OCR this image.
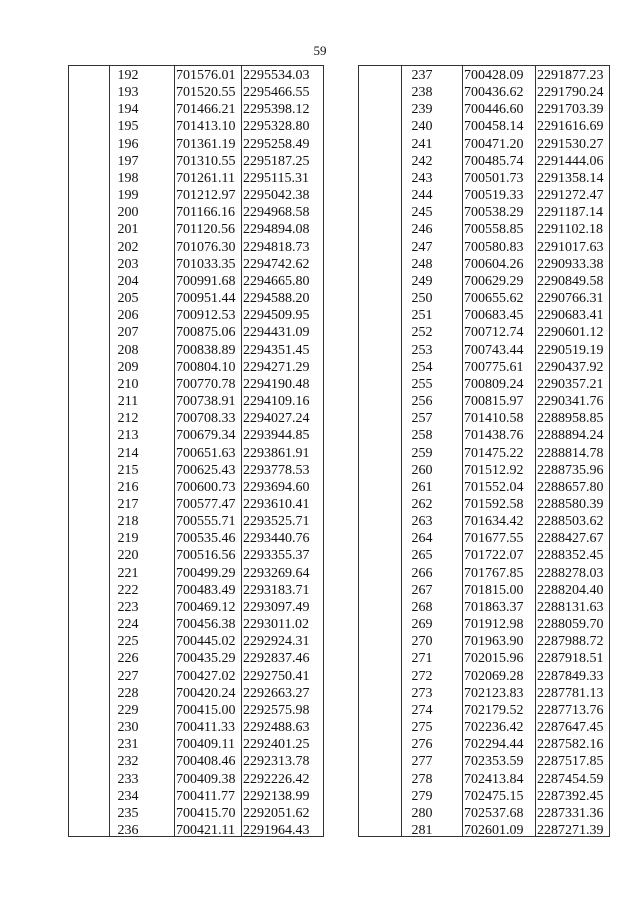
59
192	701576.01 2295534.03
193	701520.55 2295466.55
194	701466.21 2295398.12
195	701413.10 2295328.80
196	701361.19 2295258.49
197	701310.55 2295187.25
198	701261.11 2295115.31
199	701212.97 2295042.38
200	701166.16 2294968.58
201	701120.56 2294894.08
202	701076.30 2294818.73
203	701033.35 2294742.62
204	700991.68 2294665.80
205	700951.44 2294588.20
206	700912.53 2294509.95
207	700875.06 2294431.09
208	700838.89 2294351.45
209	700804.10 2294271.29
210	700770.78 2294190.48
211	700738.91 2294109.16
212	700708.33 2294027.24
213	700679.34 2293944.85
214	700651.63 2293861.91
215	700625.43 2293778.53
216	700600.73 2293694.60
217	700577.47 2293610.41
218	700555.71 2293525.71
219	700535.46 2293440.76
220	700516.56 2293355.37
221	700499.29 2293269.64
222	700483.49 2293183.71
223	700469.12 2293097.49
224	700456.38 2293011.02
225	700445.02 2292924.31
226	700435.29 2292837.46
227	700427.02 2292750.41
228	700420.24 2292663.27
229	700415.00 2292575.98
230	700411.33 2292488.63
231	700409.11 2292401.25
232	700408.46 2292313.78
233	700409.38 2292226.42
234	700411.77 2292138.99
235	700415.70 2292051.62
236	700421.11 2291964.43
237	700428.09 2291877.23
238	700436.62 2291790.24
239	700446.60 2291703.39
240	700458.14 2291616.69
241	700471.20 2291530.27
242	700485.74 2291444.06
243	700501.73 2291358.14
244	700519.33 2291272.47
245	700538.29 2291187.14
246	700558.85 2291102.18
247	700580.83 2291017.63
248	700604.26 2290933.38
249	700629.29 2290849.58
250	700655.62 2290766.31
251	700683.45 2290683.41
252	700712.74 2290601.12
253	700743.44 2290519.19
254	700775.61 2290437.92
255	700809.24 2290357.21
256	700815.97 2290341.76
257	701410.58 2288958.85
258	701438.76 2288894.24
259	701475.22 2288814.78
260	701512.92 2288735.96
261	701552.04 2288657.80
262	701592.58 2288580.39
263	701634.42 2288503.62
264	701677.55 2288427.67
265	701722.07 2288352.45
266	701767.85 2288278.03
267	701815.00 2288204.40
268	701863.37 2288131.63
269	701912.98 2288059.70
270	701963.90 2287988.72
271	702015.96 2287918.51
272	702069.28 2287849.33
273	702123.83 2287781.13
274	702179.52 2287713.76
275	702236.42 2287647.45
276	702294.44 2287582.16
277	702353.59 2287517.85
278	702413.84 2287454.59
279	702475.15 2287392.45
280	702537.68 2287331.36
281	702601.09 2287271.39
